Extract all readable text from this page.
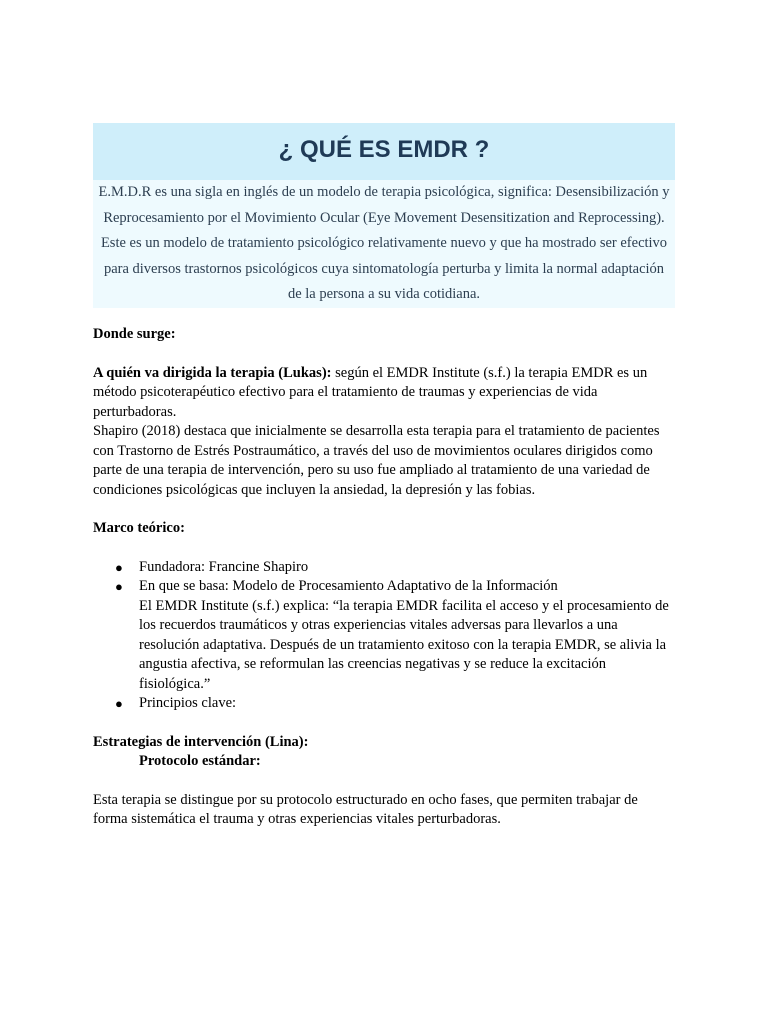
¿ QUÉ ES EMDR ?

E.M.D.R es una sigla en inglés de un modelo de terapia psicológica, significa: Desensibilización y Reprocesamiento por el Movimiento Ocular (Eye Movement Desensitization and Reprocessing). Este es un modelo de tratamiento psicológico relativamente nuevo y que ha mostrado ser efectivo para diversos trastornos psicológicos cuya sintomatología perturba y limita la normal adaptación de la persona a su vida cotidiana.

Donde surge:

A quién va dirigida la terapia (Lukas): según el EMDR Institute (s.f.) la terapia EMDR es un método psicoterapéutico efectivo para el tratamiento de traumas y experiencias de vida perturbadoras.

Shapiro (2018) destaca que inicialmente se desarrolla esta terapia para el tratamiento de pacientes con Trastorno de Estrés Postraumático, a través del uso de movimientos oculares dirigidos como parte de una terapia de intervención, pero su uso fue ampliado al tratamiento de una variedad de condiciones psicológicas que incluyen la ansiedad, la depresión y las fobias.

Marco teórico:

● Fundadora: Francine Shapiro
● En que se basa: Modelo de Procesamiento Adaptativo de la Información
El EMDR Institute (s.f.) explica: “la terapia EMDR facilita el acceso y el procesamiento de los recuerdos traumáticos y otras experiencias vitales adversas para llevarlos a una resolución adaptativa. Después de un tratamiento exitoso con la terapia EMDR, se alivia la angustia afectiva, se reformulan las creencias negativas y se reduce la excitación fisiológica.”
● Principios clave:

Estrategias de intervención (Lina):

Protocolo estándar:

Esta terapia se distingue por su protocolo estructurado en ocho fases, que permiten trabajar de forma sistemática el trauma y otras experiencias vitales perturbadoras.
